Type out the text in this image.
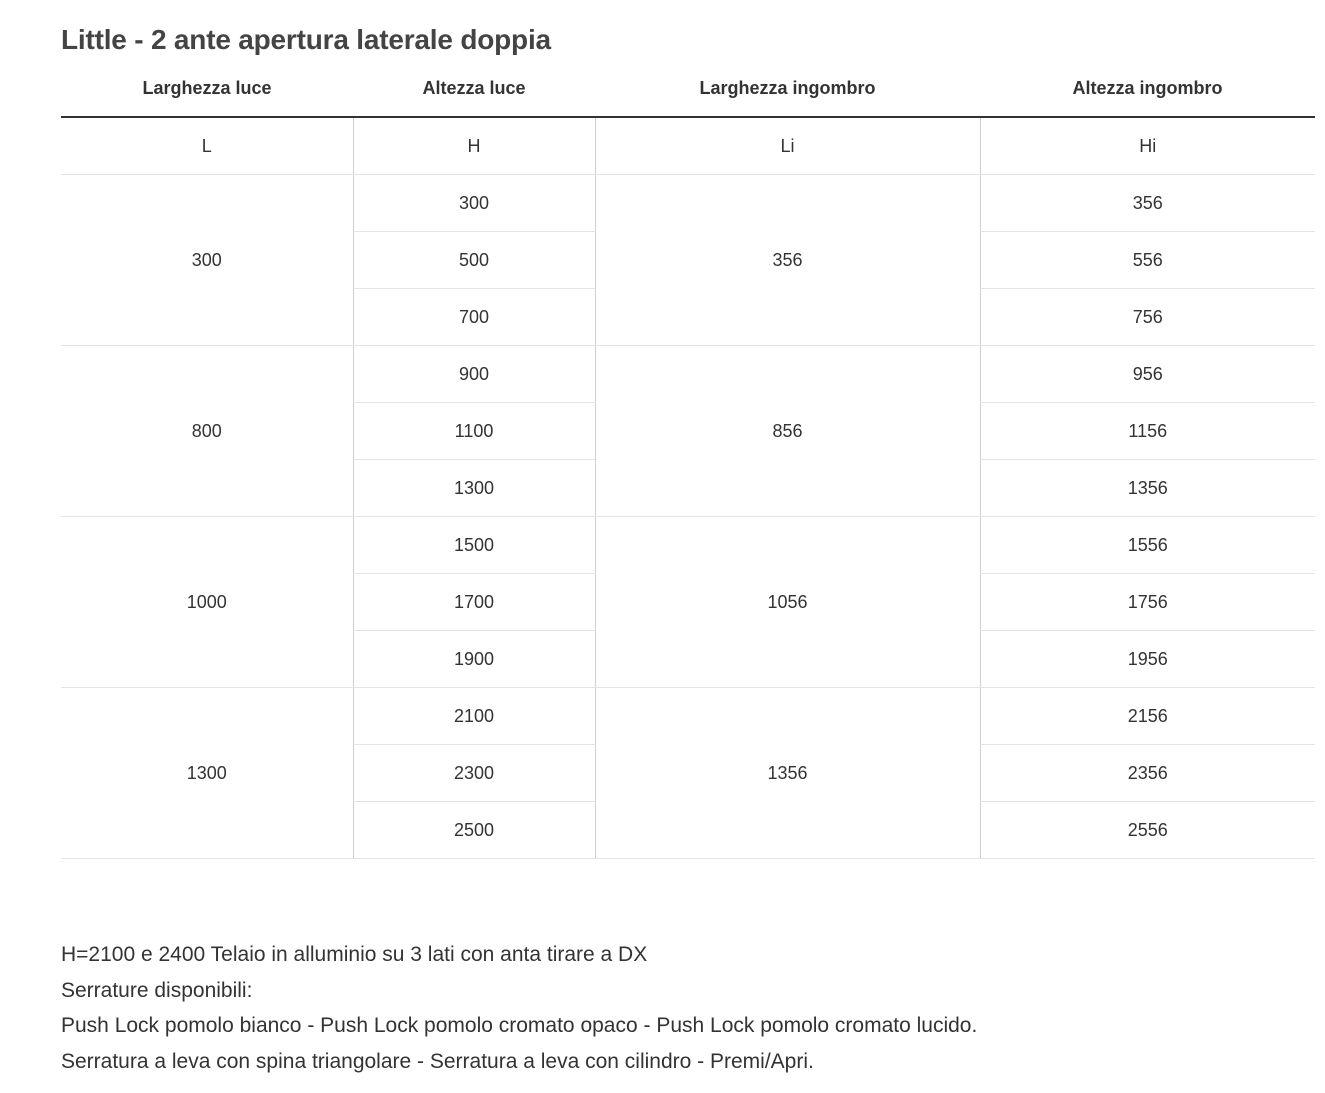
Little - 2 ante apertura laterale doppia
Larghezza luce	Altezza luce	Larghezza ingombro	Altezza ingombro
L	H	Li	Hi
300	300	356	356
	500		556
	700		756
800	900	856	956
	1100		1156
	1300		1356
1000	1500	1056	1556
	1700		1756
	1900		1956
1300	2100	1356	2156
	2300		2356
	2500		2556

H=2100 e 2400 Telaio in alluminio su 3 lati con anta tirare a DX

Serrature disponibili:

Push Lock pomolo bianco - Push Lock pomolo cromato opaco - Push Lock pomolo cromato lucido.

Serratura a leva con spina triangolare - Serratura a leva con cilindro - Premi/Apri.
